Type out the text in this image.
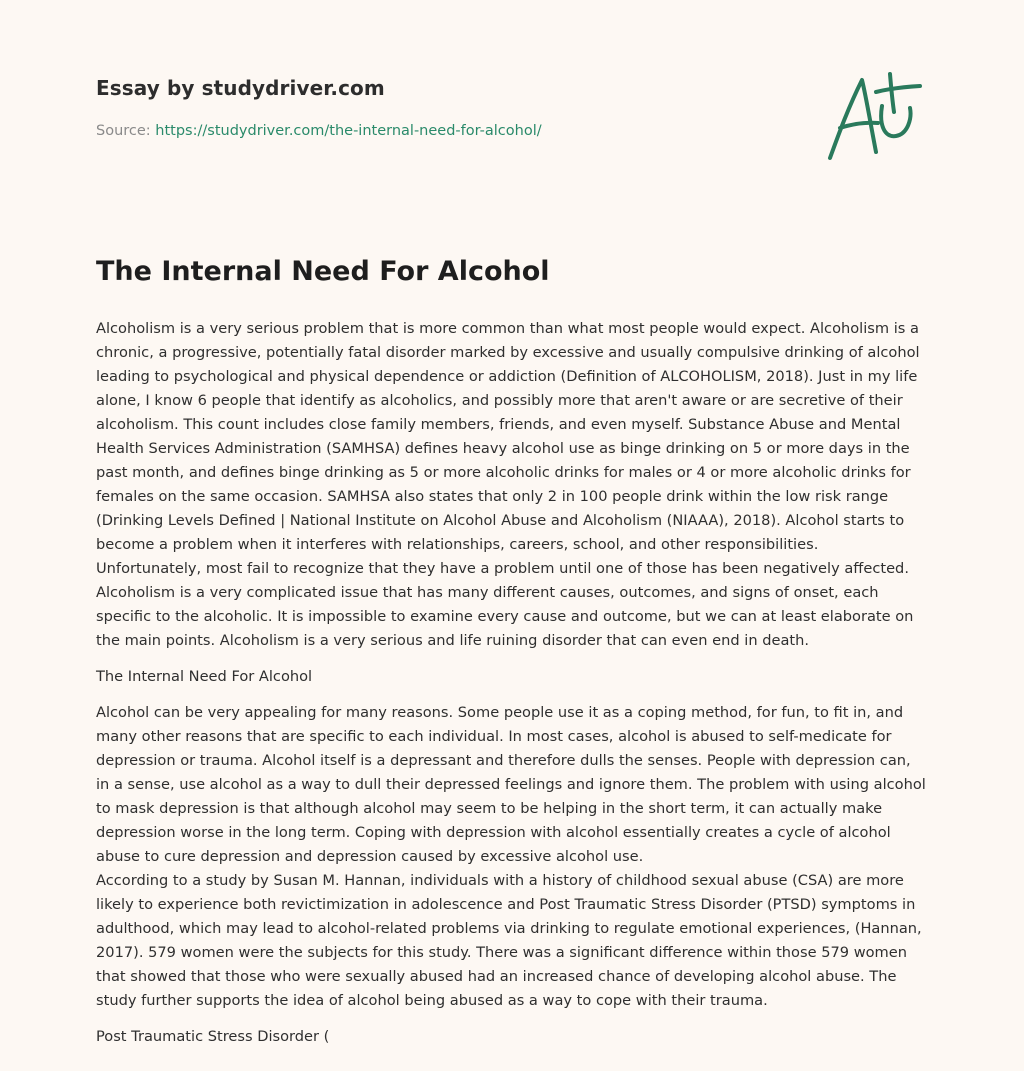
Essay by studydriver.com
Source: https://studydriver.com/the-internal-need-for-alcohol/
The Internal Need For Alcohol

Alcoholism is a very serious problem that is more common than what most people would expect. Alcoholism is a chronic, a progressive, potentially fatal disorder marked by excessive and usually compulsive drinking of alcohol leading to psychological and physical dependence or addiction (Definition of ALCOHOLISM, 2018). Just in my life alone, I know 6 people that identify as alcoholics, and possibly more that aren't aware or are secretive of their alcoholism. This count includes close family members, friends, and even myself. Substance Abuse and Mental Health Services Administration (SAMHSA) defines heavy alcohol use as binge drinking on 5 or more days in the past month, and defines binge drinking as 5 or more alcoholic drinks for males or 4 or more alcoholic drinks for females on the same occasion. SAMHSA also states that only 2 in 100 people drink within the low risk range (Drinking Levels Defined | National Institute on Alcohol Abuse and Alcoholism (NIAAA), 2018). Alcohol starts to become a problem when it interferes with relationships, careers, school, and other responsibilities. Unfortunately, most fail to recognize that they have a problem until one of those has been negatively affected. Alcoholism is a very complicated issue that has many different causes, outcomes, and signs of onset, each specific to the alcoholic. It is impossible to examine every cause and outcome, but we can at least elaborate on the main points. Alcoholism is a very serious and life ruining disorder that can even end in death.

The Internal Need For Alcohol

Alcohol can be very appealing for many reasons. Some people use it as a coping method, for fun, to fit in, and many other reasons that are specific to each individual. In most cases, alcohol is abused to self-medicate for depression or trauma. Alcohol itself is a depressant and therefore dulls the senses. People with depression can, in a sense, use alcohol as a way to dull their depressed feelings and ignore them. The problem with using alcohol to mask depression is that although alcohol may seem to be helping in the short term, it can actually make depression worse in the long term. Coping with depression with alcohol essentially creates a cycle of alcohol abuse to cure depression and depression caused by excessive alcohol use.

According to a study by Susan M. Hannan, individuals with a history of childhood sexual abuse (CSA) are more likely to experience both revictimization in adolescence and Post Traumatic Stress Disorder (PTSD) symptoms in adulthood, which may lead to alcohol-related problems via drinking to regulate emotional experiences, (Hannan, 2017). 579 women were the subjects for this study. There was a significant difference within those 579 women that showed that those who were sexually abused had an increased chance of developing alcohol abuse. The study further supports the idea of alcohol being abused as a way to cope with their trauma.

Post Traumatic Stress Disorder (
